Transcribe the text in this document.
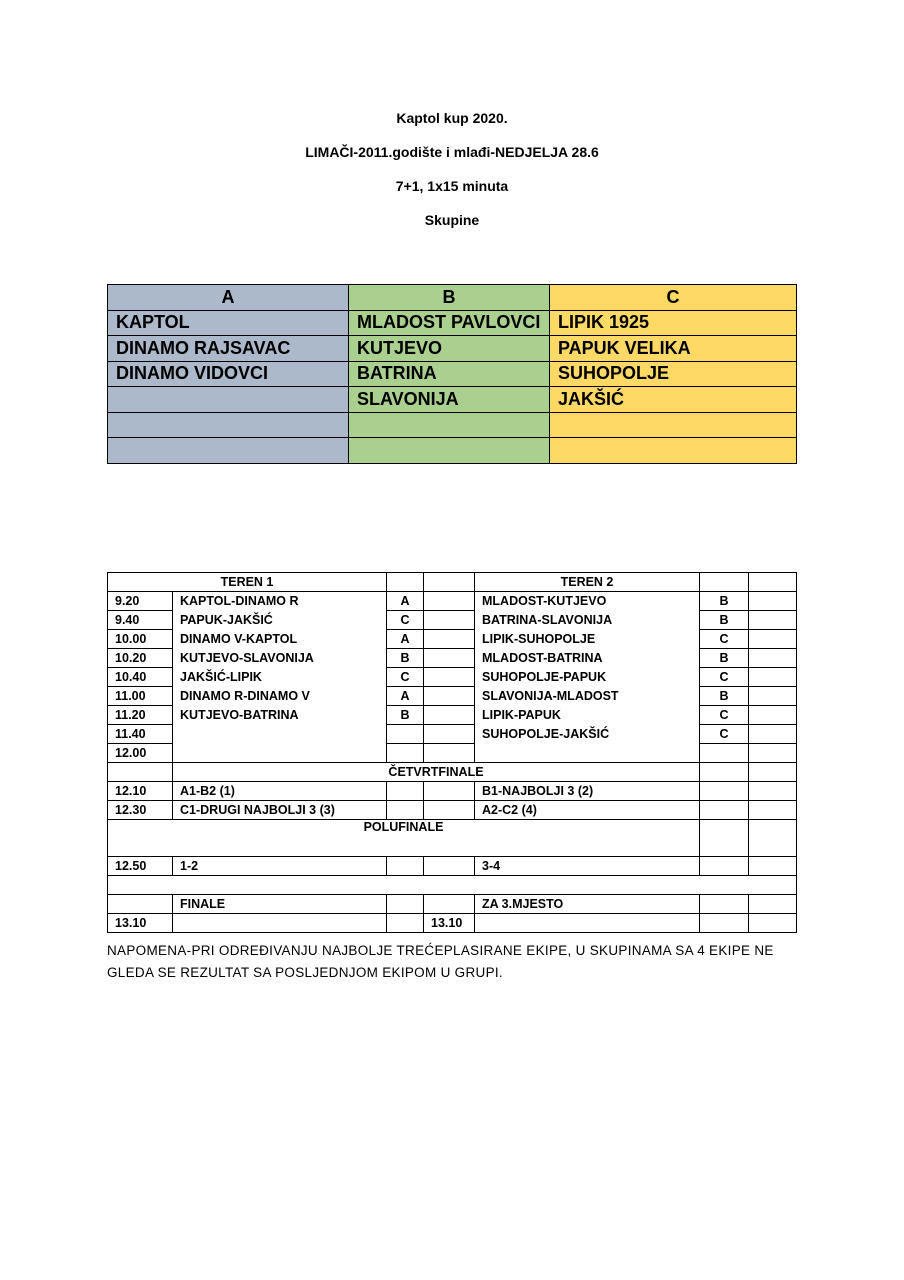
Kaptol kup 2020.
LIMAČI-2011.godište i mlađi-NEDJELJA 28.6
7+1, 1x15 minuta
Skupine
A	B	C
KAPTOL	MLADOST PAVLOVCI	LIPIK 1925
DINAMO RAJSAVAC	KUTJEVO	PAPUK VELIKA
DINAMO VIDOVCI	BATRINA	SUHOPOLJE
	SLAVONIJA	JAKŠIĆ

TEREN 1				TEREN 2		
9.20	KAPTOL-DINAMO R	A		MLADOST-KUTJEVO	B	
9.40	PAPUK-JAKŠIĆ	C		BATRINA-SLAVONIJA	B	
10.00	DINAMO V-KAPTOL	A		LIPIK-SUHOPOLJE	C	
10.20	KUTJEVO-SLAVONIJA	B		MLADOST-BATRINA	B	
10.40	JAKŠIĆ-LIPIK	C		SUHOPOLJE-PAPUK	C	
11.00	DINAMO R-DINAMO V	A		SLAVONIJA-MLADOST	B	
11.20	KUTJEVO-BATRINA	B		LIPIK-PAPUK	C	
11.40				SUHOPOLJE-JAKŠIĆ	C	
12.00						
	ČETVRTFINALE					
12.10	A1-B2 (1)			B1-NAJBOLJI 3 (2)		
12.30	C1-DRUGI NAJBOLJI 3 (3)			A2-C2 (4)		
POLUFINALE						
12.50	1-2			3-4		

	FINALE			ZA 3.MJESTO		
13.10			13.10			
NAPOMENA-PRI ODREĐIVANJU NAJBOLJE TREĆEPLASIRANE EKIPE, U SKUPINAMA SA 4 EKIPE NE GLEDA SE REZULTAT SA POSLJEDNJOM EKIPOM U GRUPI.
